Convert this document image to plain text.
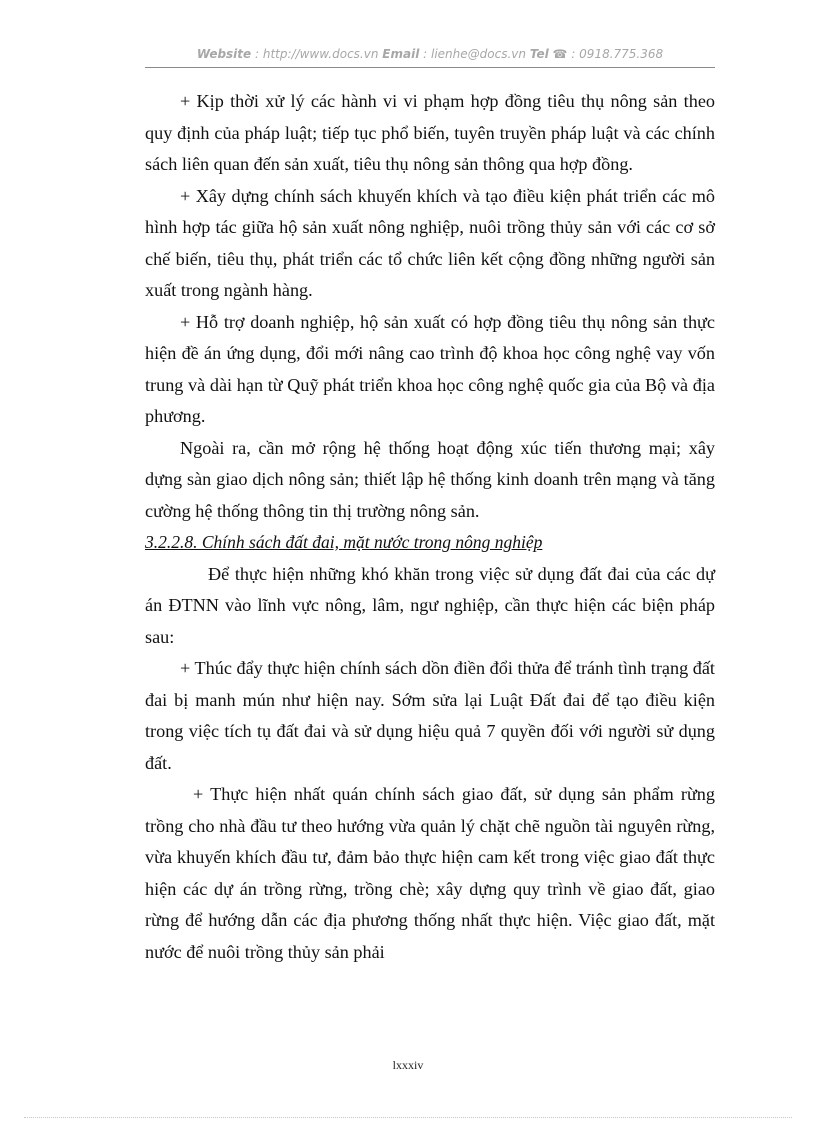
Website : http://www.docs.vn Email : lienhe@docs.vn Tel ☎ : 0918.775.368

+ Kịp thời xử lý các hành vi vi phạm hợp đồng tiêu thụ nông sản theo quy định của pháp luật; tiếp tục phổ biến, tuyên truyền pháp luật và các chính sách liên quan đến sản xuất, tiêu thụ nông sản thông qua hợp đồng.

+ Xây dựng chính sách khuyến khích và tạo điều kiện phát triển các mô hình hợp tác giữa hộ sản xuất nông nghiệp, nuôi trồng thủy sản với các cơ sở chế biến, tiêu thụ, phát triển các tổ chức liên kết cộng đồng những người sản xuất trong ngành hàng.

+ Hỗ trợ doanh nghiệp, hộ sản xuất có hợp đồng tiêu thụ nông sản thực hiện đề án ứng dụng, đổi mới nâng cao trình độ khoa học công nghệ vay vốn trung và dài hạn từ Quỹ phát triển khoa học công nghệ quốc gia của Bộ và địa phương.

Ngoài ra, cần mở rộng hệ thống hoạt động xúc tiến thương mại; xây dựng sàn giao dịch nông sản; thiết lập hệ thống kinh doanh trên mạng và tăng cường hệ thống thông tin thị trường nông sản.

3.2.2.8. Chính sách đất đai, mặt nước trong nông nghiệp

Để thực hiện những khó khăn trong việc sử dụng đất đai của các dự án ĐTNN vào lĩnh vực nông, lâm, ngư nghiệp, cần thực hiện các biện pháp sau:

+ Thúc đẩy thực hiện chính sách dồn điền đổi thửa để tránh tình trạng đất đai bị manh mún như hiện nay. Sớm sửa lại Luật Đất đai để tạo điều kiện trong việc tích tụ đất đai và sử dụng hiệu quả 7 quyền đối với người sử dụng đất.

+ Thực hiện nhất quán chính sách giao đất, sử dụng sản phẩm rừng trồng cho nhà đầu tư theo hướng vừa quản lý chặt chẽ nguồn tài nguyên rừng, vừa khuyến khích đầu tư, đảm bảo thực hiện cam kết trong việc giao đất thực hiện các dự án trồng rừng, trồng chè; xây dựng quy trình về giao đất, giao rừng để hướng dẫn các địa phương thống nhất thực hiện. Việc giao đất, mặt nước để nuôi trồng thủy sản phải

lxxxiv
